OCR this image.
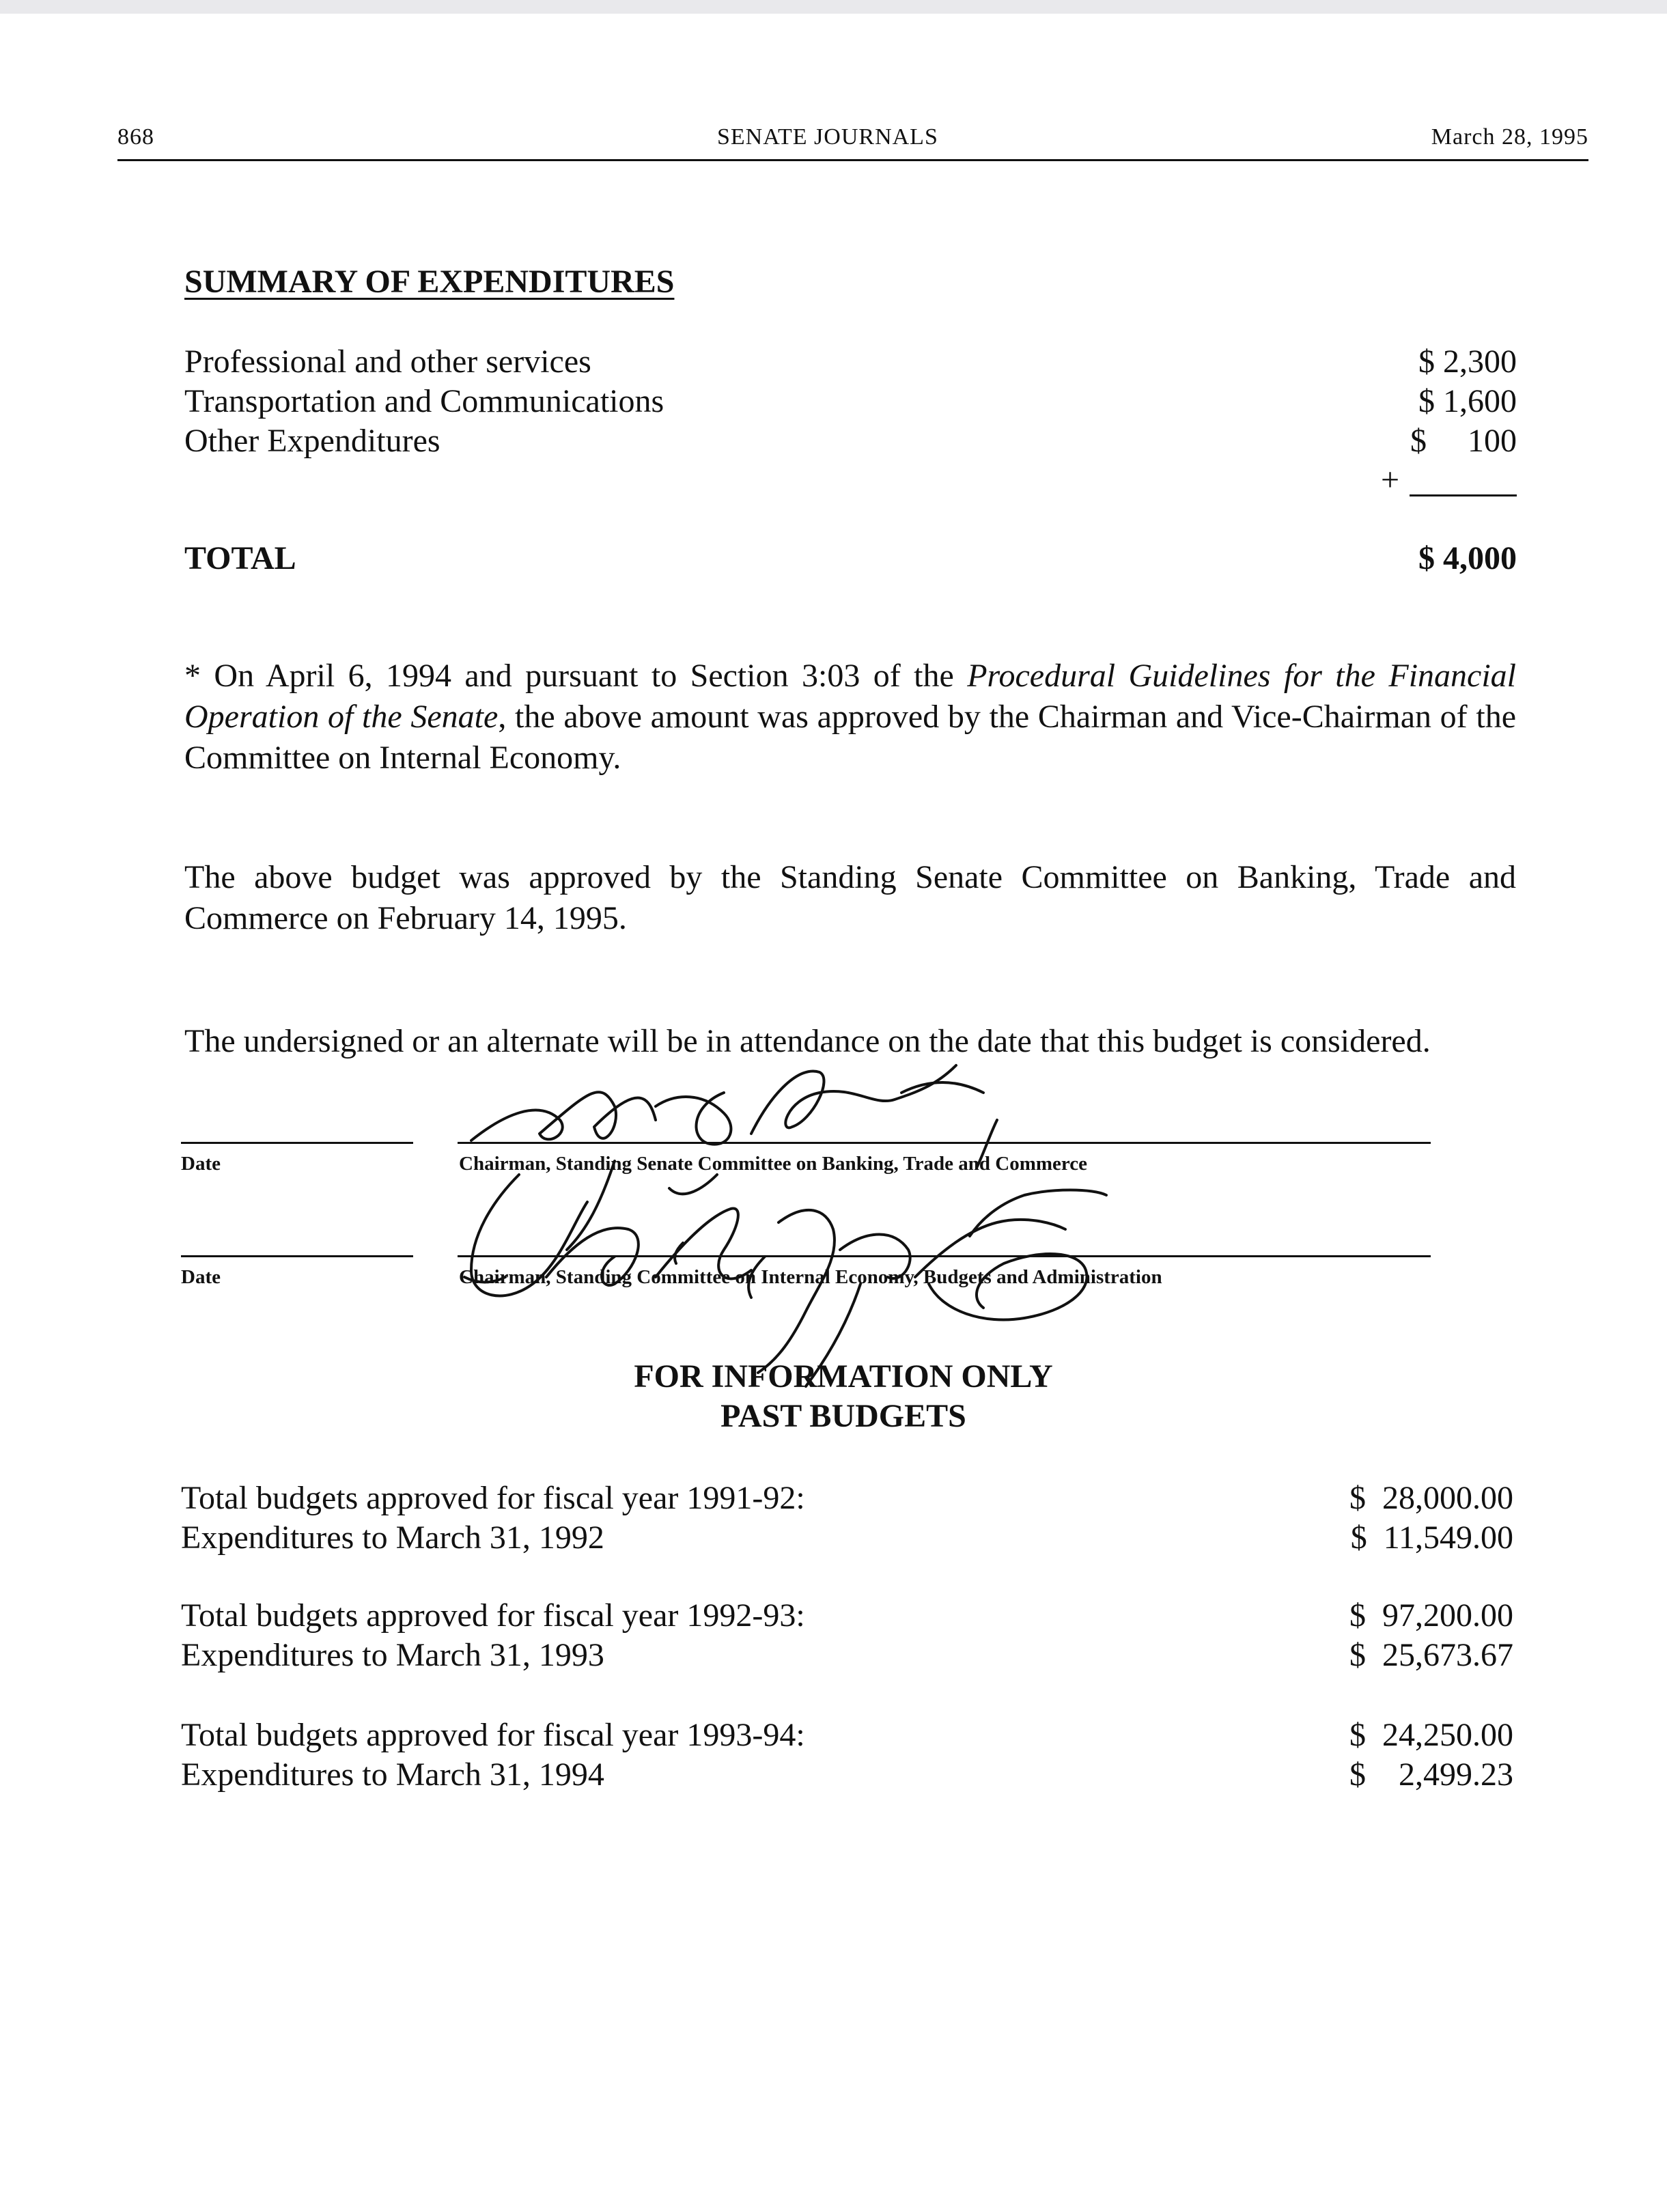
868	SENATE JOURNALS	March 28, 1995
SUMMARY OF EXPENDITURES
Professional and other services	$ 2,300
Transportation and Communications	$ 1,600
Other Expenditures	$     100
+
TOTAL	$ 4,000
* On April 6, 1994 and pursuant to Section 3:03 of the Procedural Guidelines for the Financial Operation of the Senate, the above amount was approved by the Chairman and Vice-Chairman of the Committee on Internal Economy.
The above budget was approved by the Standing Senate Committee on Banking, Trade and Commerce on February 14, 1995.
The undersigned or an alternate will be in attendance on the date that this budget is considered.
Date	Chairman, Standing Senate Committee on Banking, Trade and Commerce
Date	Chairman, Standing Committee on Internal Economy, Budgets and Administration
FOR INFORMATION ONLY
PAST BUDGETS
Total budgets approved for fiscal year 1991-92:	$  28,000.00
Expenditures to March 31, 1992	$  11,549.00
Total budgets approved for fiscal year 1992-93:	$  97,200.00
Expenditures to March 31, 1993	$  25,673.67
Total budgets approved for fiscal year 1993-94:	$  24,250.00
Expenditures to March 31, 1994	$    2,499.23
